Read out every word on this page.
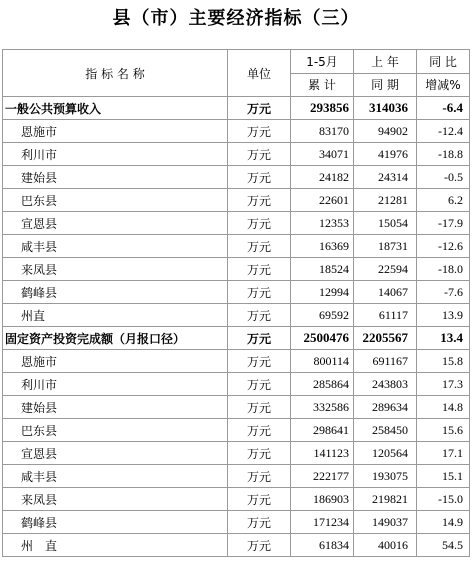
县（市）主要经济指标（三）
指 标 名 称	单位	1-5月	上 年	同 比
		累 计	同 期	增减%
一般公共预算收入	万元	293856	314036	-6.4
恩施市	万元	83170	94902	-12.4
利川市	万元	34071	41976	-18.8
建始县	万元	24182	24314	-0.5
巴东县	万元	22601	21281	6.2
宣恩县	万元	12353	15054	-17.9
咸丰县	万元	16369	18731	-12.6
来凤县	万元	18524	22594	-18.0
鹤峰县	万元	12994	14067	-7.6
州直	万元	69592	61117	13.9
固定资产投资完成额（月报口径）	万元	2500476	2205567	13.4
恩施市	万元	800114	691167	15.8
利川市	万元	285864	243803	17.3
建始县	万元	332586	289634	14.8
巴东县	万元	298641	258450	15.6
宣恩县	万元	141123	120564	17.1
咸丰县	万元	222177	193075	15.1
来凤县	万元	186903	219821	-15.0
鹤峰县	万元	171234	149037	14.9
州　直	万元	61834	40016	54.5
